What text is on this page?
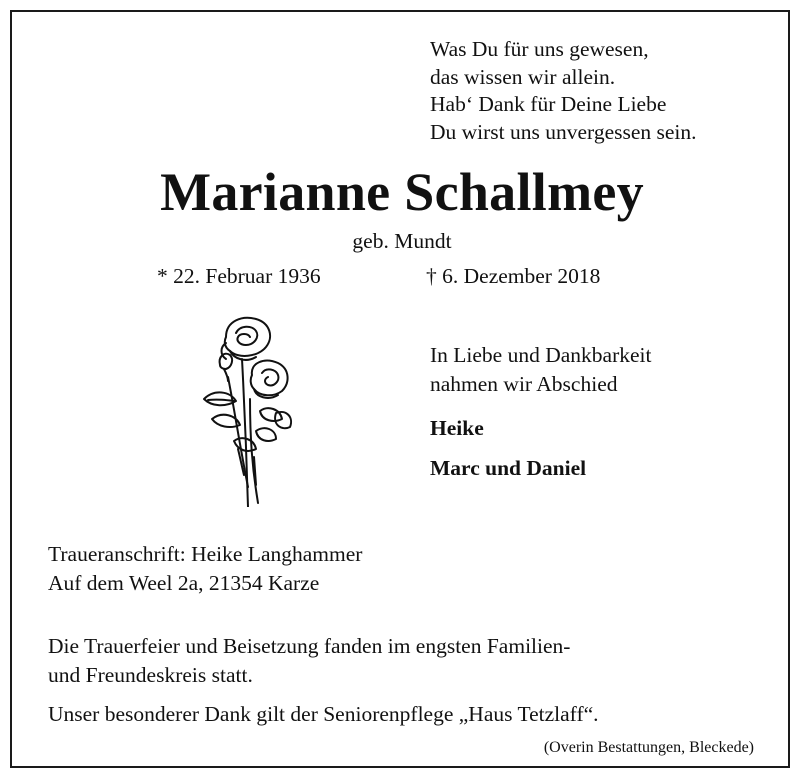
Was Du für uns gewesen,
das wissen wir allein.
Hab‘ Dank für Deine Liebe
Du wirst uns unvergessen sein.
Marianne Schallmey
geb. Mundt
* 22. Februar 1936	† 6. Dezember 2018
In Liebe und Dankbarkeit
nahmen wir Abschied
Heike
Marc und Daniel
Traueranschrift: Heike Langhammer
Auf dem Weel 2a, 21354 Karze
Die Trauerfeier und Beisetzung fanden im engsten Familien-
und Freundeskreis statt.
Unser besonderer Dank gilt der Seniorenpflege „Haus Tetzlaff“.
(Overin Bestattungen, Bleckede)
